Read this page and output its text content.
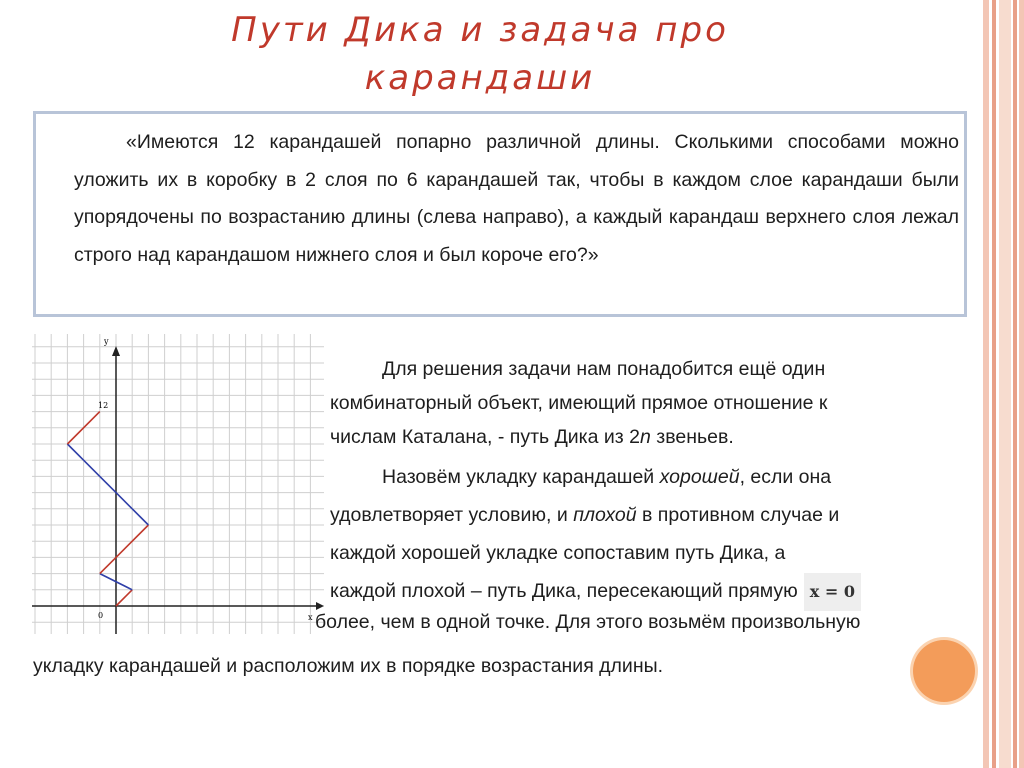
Пути Дика и задача про
карандаши

«Имеются 12 карандашей попарно различной длины. Сколькими способами можно уложить их в коробку в 2 слоя по 6 карандашей так, чтобы в каждом слое карандаши были упорядочены по возрастанию длины (слева направо), а каждый карандаш верхнего слоя лежал строго над карандашом нижнего слоя и был короче его?»

y
x
0
12

Для решения задачи нам понадобится ещё один
комбинаторный объект, имеющий прямое отношение к
числам Каталана, - путь Дика из 2n звеньев.

Назовём укладку карандашей хорошей, если она
удовлетворяет условию, и плохой в противном случае и
каждой хорошей укладке сопоставим путь Дика, а
каждой плохой – путь Дика, пересекающий прямую x = 0

более, чем в одной точке. Для этого возьмём произвольную

укладку карандашей и расположим их в порядке возрастания длины.
